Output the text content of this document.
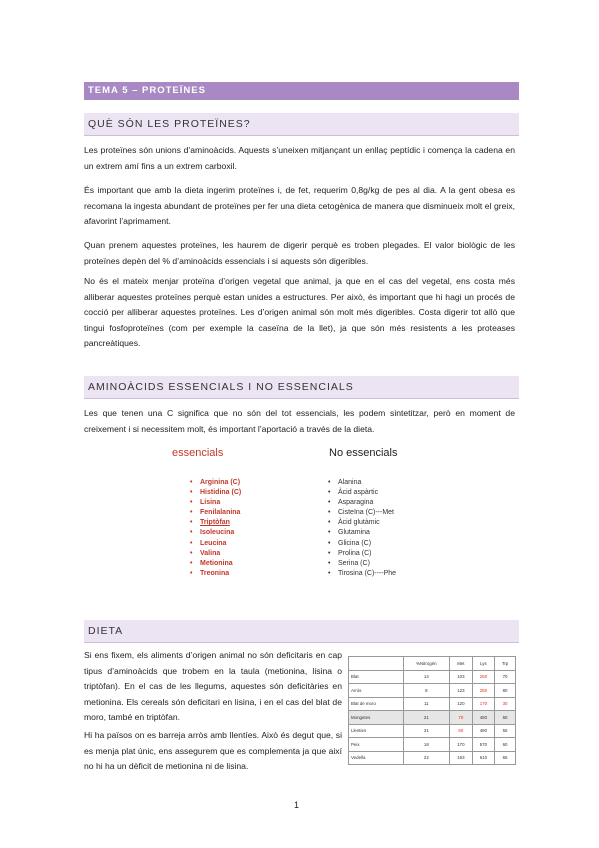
TEMA 5 – PROTEÏNES
QUÈ SÓN LES PROTEÏNES?

Les proteïnes són unions d’aminoàcids. Aquests s’uneixen mitjançant un enllaç peptídic i comença la cadena en un extrem amí fins a un extrem carboxil.

És important que amb la dieta ingerim proteïnes i, de fet, requerim 0,8g/kg de pes al dia. A la gent obesa es recomana la ingesta abundant de proteïnes per fer una dieta cetogènica de manera que disminueix molt el greix, afavorint l’aprimament.

Quan prenem aquestes proteïnes, les haurem de digerir perquè es troben plegades. El valor biològic de les proteïnes depèn del % d’aminoàcids essencials i si aquests són digeribles.

No és el mateix menjar proteïna d’origen vegetal que animal, ja que en el cas del vegetal, ens costa més alliberar aquestes proteïnes perquè estan unides a estructures. Per això, és important que hi hagi un procés de cocció per alliberar aquestes proteïnes. Les d’origen animal són molt més digeribles. Costa digerir tot allò que tingui fosfoproteïnes (com per exemple la caseïna de la llet), ja que són més resistents a les proteases pancreàtiques.

AMINOÀCIDS ESSENCIALS I NO ESSENCIALS

Les que tenen una C significa que no són del tot essencials, les podem sintetitzar, però en moment de creixement i si necessitem molt, és important l’aportació a través de la dieta.

essencials	No essencials
• Arginina (C)
• Histidina (C)
• Lisina
• Fenilalanina
• Triptòfan
• Isoleucina
• Leucina
• Valina
• Metionina
• Treonina
• Alanina
• Àcid aspàrtic
• Asparagina
• Cisteïna (C)---Met
• Àcid glutàmic
• Glutamina
• Glicina (C)
• Prolina (C)
• Serina (C)
• Tirosina (C)----Phe
DIETA

Si ens fixem, els aliments d’origen animal no són deficitaris en cap tipus d’aminoàcids que trobem en la taula (metionina, lisina o triptòfan). En el cas de les llegums, aquestes són deficitàries en metionina. Els cereals són deficitari en lisina, i en el cas del blat de moro, també en triptòfan.

Hi ha països on es barreja arròs amb llentíes. Això és degut que, si es menja plat únic, ens assegurem que es complementa ja que així no hi ha un dèficit de metionina ni de lisina.

	%Nitrogén	Met	Lys	Trp
Blat	14	103	250	70
Arròs	8	123	250	80
Blat de moro	11	120	170	30
Mongetes	21	70	450	50
Llenties	31	60	490	55
Peix	18	170	570	60
Vedella	22	163	610	65
1
